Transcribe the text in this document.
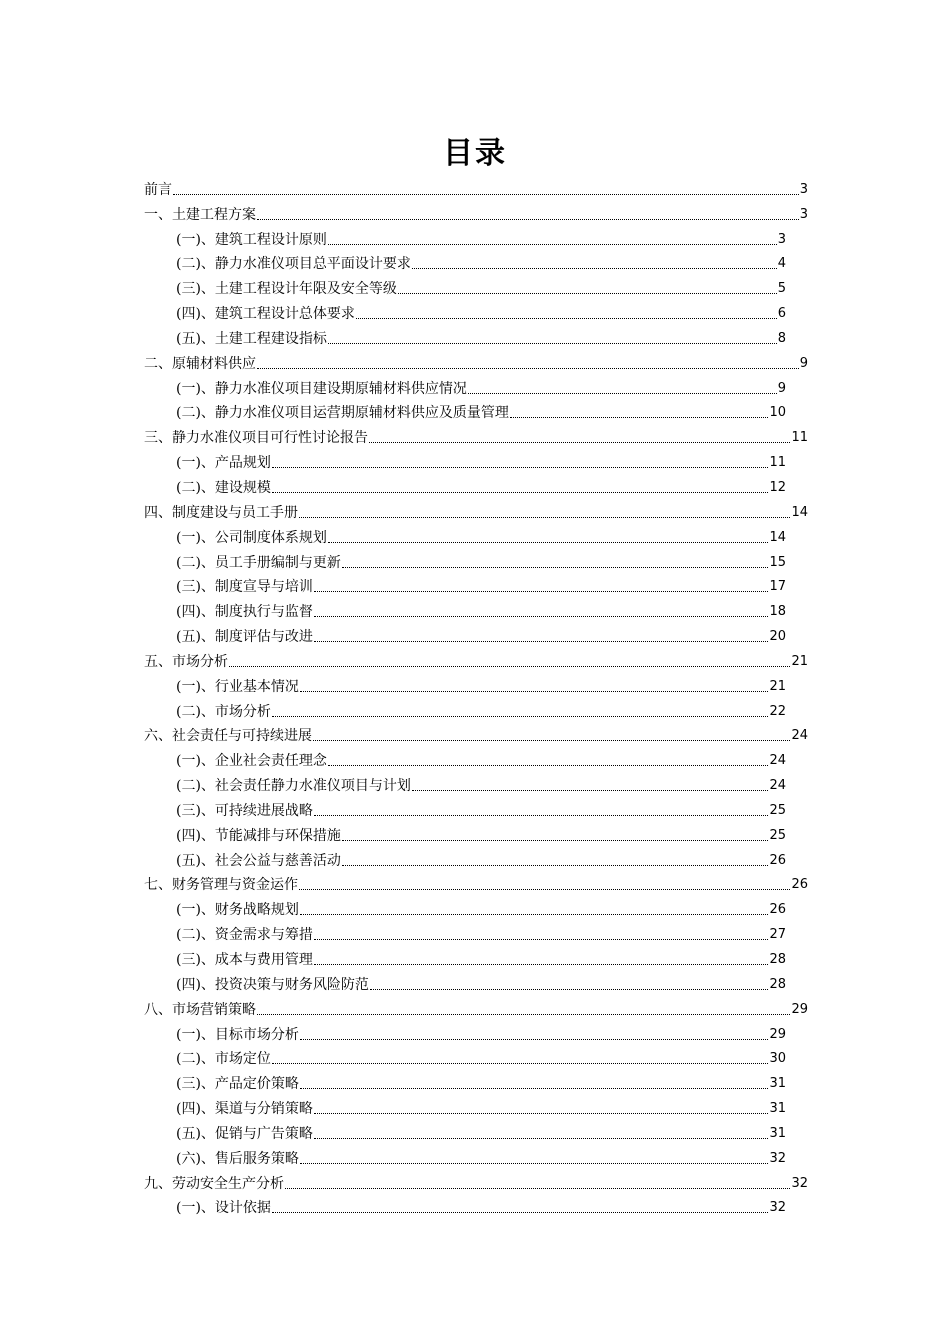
目录
前言	3
一、土建工程方案	3
(一)、建筑工程设计原则	3
(二)、静力水准仪项目总平面设计要求	4
(三)、土建工程设计年限及安全等级	5
(四)、建筑工程设计总体要求	6
(五)、土建工程建设指标	8
二、原辅材料供应	9
(一)、静力水准仪项目建设期原辅材料供应情况	9
(二)、静力水准仪项目运营期原辅材料供应及质量管理	10
三、静力水准仪项目可行性讨论报告	11
(一)、产品规划	11
(二)、建设规模	12
四、制度建设与员工手册	14
(一)、公司制度体系规划	14
(二)、员工手册编制与更新	15
(三)、制度宣导与培训	17
(四)、制度执行与监督	18
(五)、制度评估与改进	20
五、市场分析	21
(一)、行业基本情况	21
(二)、市场分析	22
六、社会责任与可持续进展	24
(一)、企业社会责任理念	24
(二)、社会责任静力水准仪项目与计划	24
(三)、可持续进展战略	25
(四)、节能减排与环保措施	25
(五)、社会公益与慈善活动	26
七、财务管理与资金运作	26
(一)、财务战略规划	26
(二)、资金需求与筹措	27
(三)、成本与费用管理	28
(四)、投资决策与财务风险防范	28
八、市场营销策略	29
(一)、目标市场分析	29
(二)、市场定位	30
(三)、产品定价策略	31
(四)、渠道与分销策略	31
(五)、促销与广告策略	31
(六)、售后服务策略	32
九、劳动安全生产分析	32
(一)、设计依据	32
